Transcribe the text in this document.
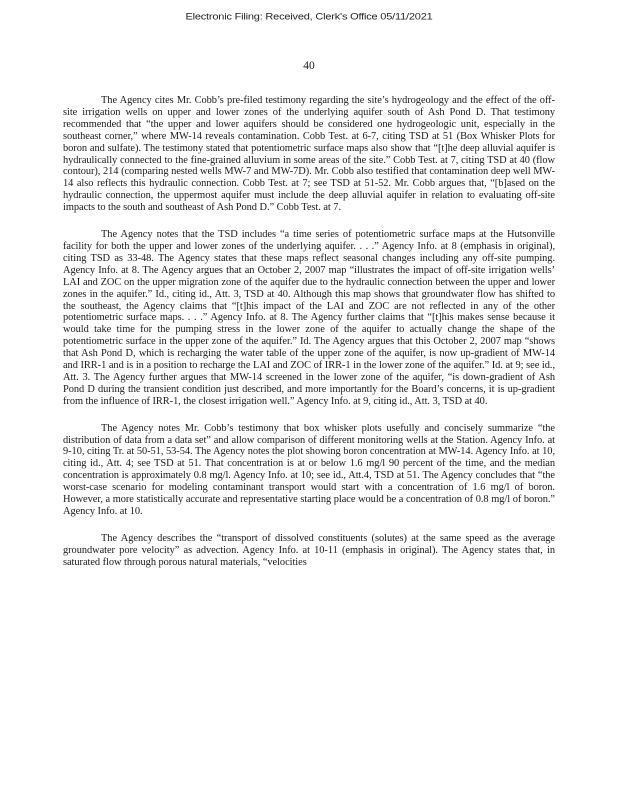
Electronic Filing: Received, Clerk's Office 05/11/2021
40

The Agency cites Mr. Cobb’s pre-filed testimony regarding the site’s hydrogeology and the effect of the off-site irrigation wells on upper and lower zones of the underlying aquifer south of Ash Pond D. That testimony recommended that “the upper and lower aquifers should be considered one hydrogeologic unit, especially in the southeast corner,” where MW-14 reveals contamination. Cobb Test. at 6-7, citing TSD at 51 (Box Whisker Plots for boron and sulfate). The testimony stated that potentiometric surface maps also show that “[t]he deep alluvial aquifer is hydraulically connected to the fine-grained alluvium in some areas of the site.” Cobb Test. at 7, citing TSD at 40 (flow contour), 214 (comparing nested wells MW-7 and MW-7D). Mr. Cobb also testified that contamination deep well MW-14 also reflects this hydraulic connection. Cobb Test. at 7; see TSD at 51-52. Mr. Cobb argues that, “[b]ased on the hydraulic connection, the uppermost aquifer must include the deep alluvial aquifer in relation to evaluating off-site impacts to the south and southeast of Ash Pond D.” Cobb Test. at 7.

The Agency notes that the TSD includes “a time series of potentiometric surface maps at the Hutsonville facility for both the upper and lower zones of the underlying aquifer. . . .” Agency Info. at 8 (emphasis in original), citing TSD as 33-48. The Agency states that these maps reflect seasonal changes including any off-site pumping. Agency Info. at 8. The Agency argues that an October 2, 2007 map “illustrates the impact of off-site irrigation wells’ LAI and ZOC on the upper migration zone of the aquifer due to the hydraulic connection between the upper and lower zones in the aquifer.” Id., citing id., Att. 3, TSD at 40. Although this map shows that groundwater flow has shifted to the southeast, the Agency claims that “[t]his impact of the LAI and ZOC are not reflected in any of the other potentiometric surface maps. . . .” Agency Info. at 8. The Agency further claims that “[t]his makes sense because it would take time for the pumping stress in the lower zone of the aquifer to actually change the shape of the potentiometric surface in the upper zone of the aquifer.” Id. The Agency argues that this October 2, 2007 map “shows that Ash Pond D, which is recharging the water table of the upper zone of the aquifer, is now up-gradient of MW-14 and IRR-1 and is in a position to recharge the LAI and ZOC of IRR-1 in the lower zone of the aquifer.” Id. at 9; see id., Att. 3. The Agency further argues that MW-14 screened in the lower zone of the aquifer, “is down-gradient of Ash Pond D during the transient condition just described, and more importantly for the Board’s concerns, it is up-gradient from the influence of IRR-1, the closest irrigation well.” Agency Info. at 9, citing id., Att. 3, TSD at 40.

The Agency notes Mr. Cobb’s testimony that box whisker plots usefully and concisely summarize “the distribution of data from a data set” and allow comparison of different monitoring wells at the Station. Agency Info. at 9-10, citing Tr. at 50-51, 53-54. The Agency notes the plot showing boron concentration at MW-14. Agency Info. at 10, citing id., Att. 4; see TSD at 51. That concentration is at or below 1.6 mg/l 90 percent of the time, and the median concentration is approximately 0.8 mg/l. Agency Info. at 10; see id., Att.4, TSD at 51. The Agency concludes that “the worst-case scenario for modeling contaminant transport would start with a concentration of 1.6 mg/l of boron. However, a more statistically accurate and representative starting place would be a concentration of 0.8 mg/l of boron.” Agency Info. at 10.

The Agency describes the “transport of dissolved constituents (solutes) at the same speed as the average groundwater pore velocity” as advection. Agency Info. at 10-11 (emphasis in original). The Agency states that, in saturated flow through porous natural materials, “velocities
